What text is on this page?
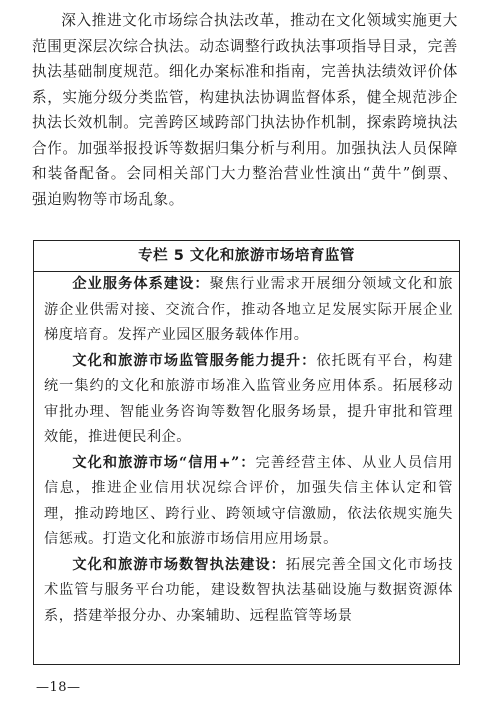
深入推进文化市场综合执法改革，推动在文化领域实施更大范围更深层次综合执法。动态调整行政执法事项指导目录，完善执法基础制度规范。细化办案标准和指南，完善执法绩效评价体系，实施分级分类监管，构建执法协调监督体系，健全规范涉企执法长效机制。完善跨区域跨部门执法协作机制，探索跨境执法合作。加强举报投诉等数据归集分析与利用。加强执法人员保障和装备配备。会同相关部门大力整治营业性演出“黄牛”倒票、强迫购物等市场乱象。

专栏 5 文化和旅游市场培育监管

企业服务体系建设：聚焦行业需求开展细分领域文化和旅游企业供需对接、交流合作，推动各地立足发展实际开展企业梯度培育。发挥产业园区服务载体作用。

文化和旅游市场监管服务能力提升：依托既有平台，构建统一集约的文化和旅游市场准入监管业务应用体系。拓展移动审批办理、智能业务咨询等数智化服务场景，提升审批和管理效能，推进便民利企。

文化和旅游市场“信用+”：完善经营主体、从业人员信用信息，推进企业信用状况综合评价，加强失信主体认定和管理，推动跨地区、跨行业、跨领域守信激励，依法依规实施失信惩戒。打造文化和旅游市场信用应用场景。

文化和旅游市场数智执法建设：拓展完善全国文化市场技术监管与服务平台功能，建设数智执法基础设施与数据资源体系，搭建举报分办、办案辅助、远程监管等场景

—18—
